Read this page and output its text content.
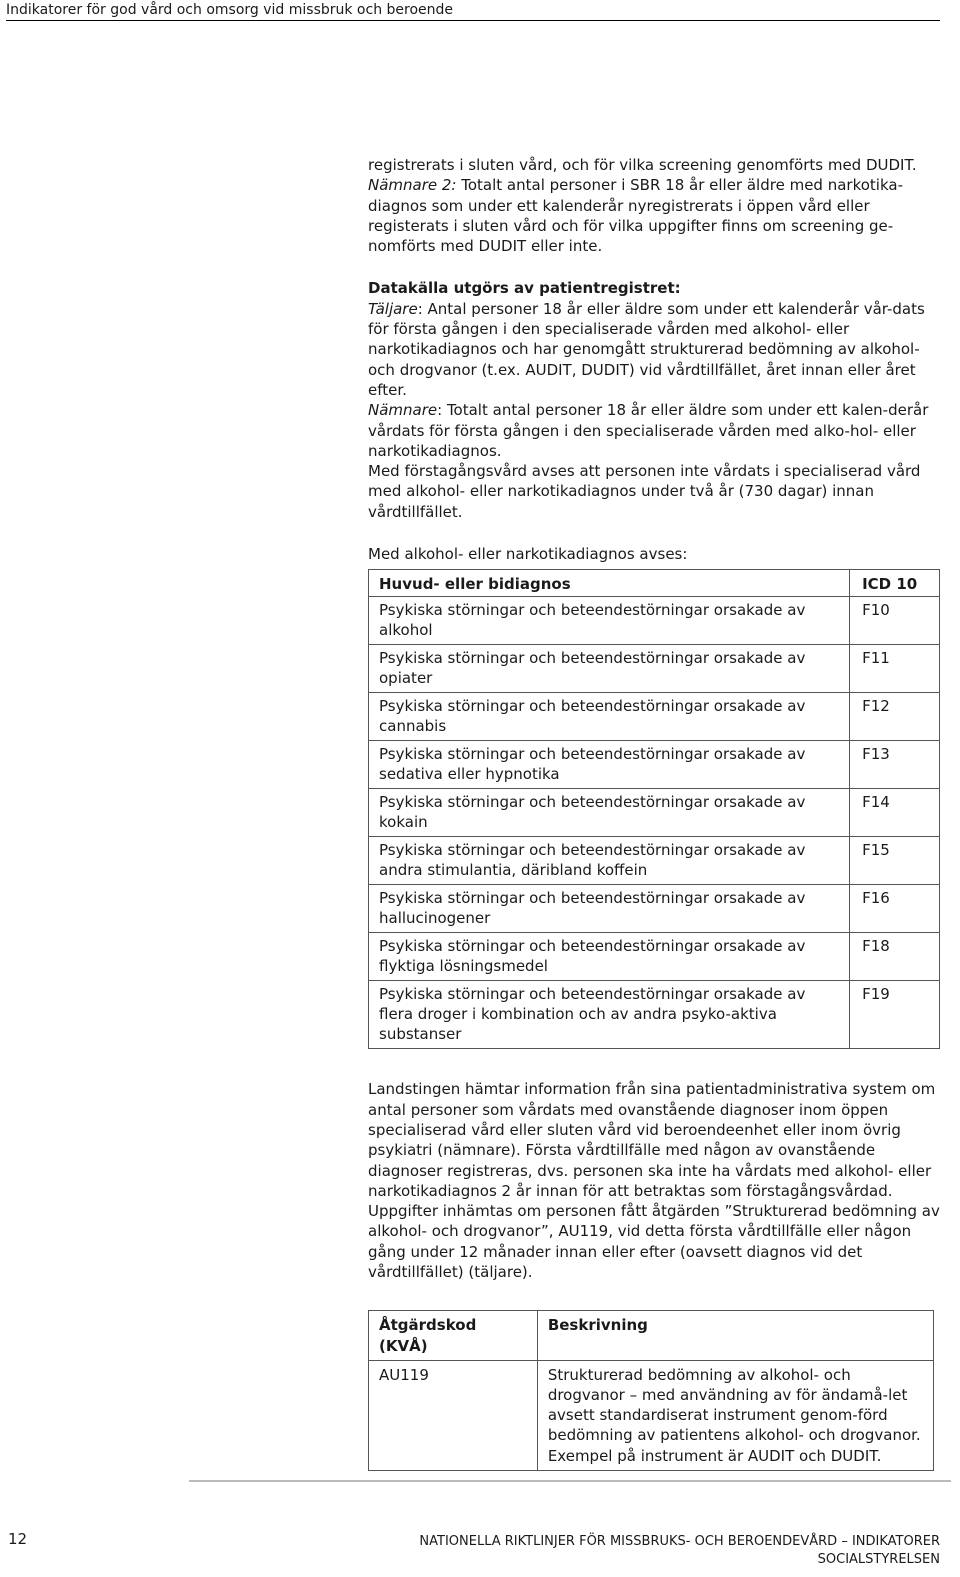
Indikatorer för god vård och omsorg vid missbruk och beroende

registrerats i sluten vård, och för vilka screening genomförts med DUDIT.

Nämnare 2: Totalt antal personer i SBR 18 år eller äldre med narkotika-diagnos som under ett kalenderår nyregistrerats i öppen vård eller registerats i sluten vård och för vilka uppgifter finns om screening ge-nomförts med DUDIT eller inte.

Datakälla utgörs av patientregistret:

Täljare: Antal personer 18 år eller äldre som under ett kalenderår vår-dats för första gången i den specialiserade vården med alkohol- eller narkotikadiagnos och har genomgått strukturerad bedömning av alkohol- och drogvanor (t.ex. AUDIT, DUDIT) vid vårdtillfället, året innan eller året efter.

Nämnare: Totalt antal personer 18 år eller äldre som under ett kalen-derår vårdats för första gången i den specialiserade vården med alko-hol- eller narkotikadiagnos.

Med förstagångsvård avses att personen inte vårdats i specialiserad vård med alkohol- eller narkotikadiagnos under två år (730 dagar) innan vårdtillfället.

Med alkohol- eller narkotikadiagnos avses:

Huvud- eller bidiagnos	ICD 10
Psykiska störningar och beteendestörningar orsakade av alkohol	F10
Psykiska störningar och beteendestörningar orsakade av opiater	F11
Psykiska störningar och beteendestörningar orsakade av cannabis	F12
Psykiska störningar och beteendestörningar orsakade av sedativa eller hypnotika	F13
Psykiska störningar och beteendestörningar orsakade av kokain	F14
Psykiska störningar och beteendestörningar orsakade av andra stimulantia, däribland koffein	F15
Psykiska störningar och beteendestörningar orsakade av hallucinogener	F16
Psykiska störningar och beteendestörningar orsakade av flyktiga lösningsmedel	F18
Psykiska störningar och beteendestörningar orsakade av flera droger i kombination och av andra psyko-aktiva substanser	F19

Landstingen hämtar information från sina patientadministrativa system om antal personer som vårdats med ovanstående diagnoser inom öppen specialiserad vård eller sluten vård vid beroendeenhet eller inom övrig psykiatri (nämnare). Första vårdtillfälle med någon av ovanstående diagnoser registreras, dvs. personen ska inte ha vårdats med alkohol- eller narkotikadiagnos 2 år innan för att betraktas som förstagångsvårdad. Uppgifter inhämtas om personen fått åtgärden ”Strukturerad bedömning av alkohol- och drogvanor”, AU119, vid detta första vårdtillfälle eller någon gång under 12 månader innan eller efter (oavsett diagnos vid det vårdtillfället) (täljare).

Åtgärdskod (KVÅ)	Beskrivning
AU119	Strukturerad bedömning av alkohol- och drogvanor – med användning av för ändamå-let avsett standardiserat instrument genom-förd bedömning av patientens alkohol- och drogvanor. Exempel på instrument är AUDIT och DUDIT.
12	NATIONELLA RIKTLINJER FÖR MISSBRUKS- OCH BEROENDEVÅRD – INDIKATORER
SOCIALSTYRELSEN
